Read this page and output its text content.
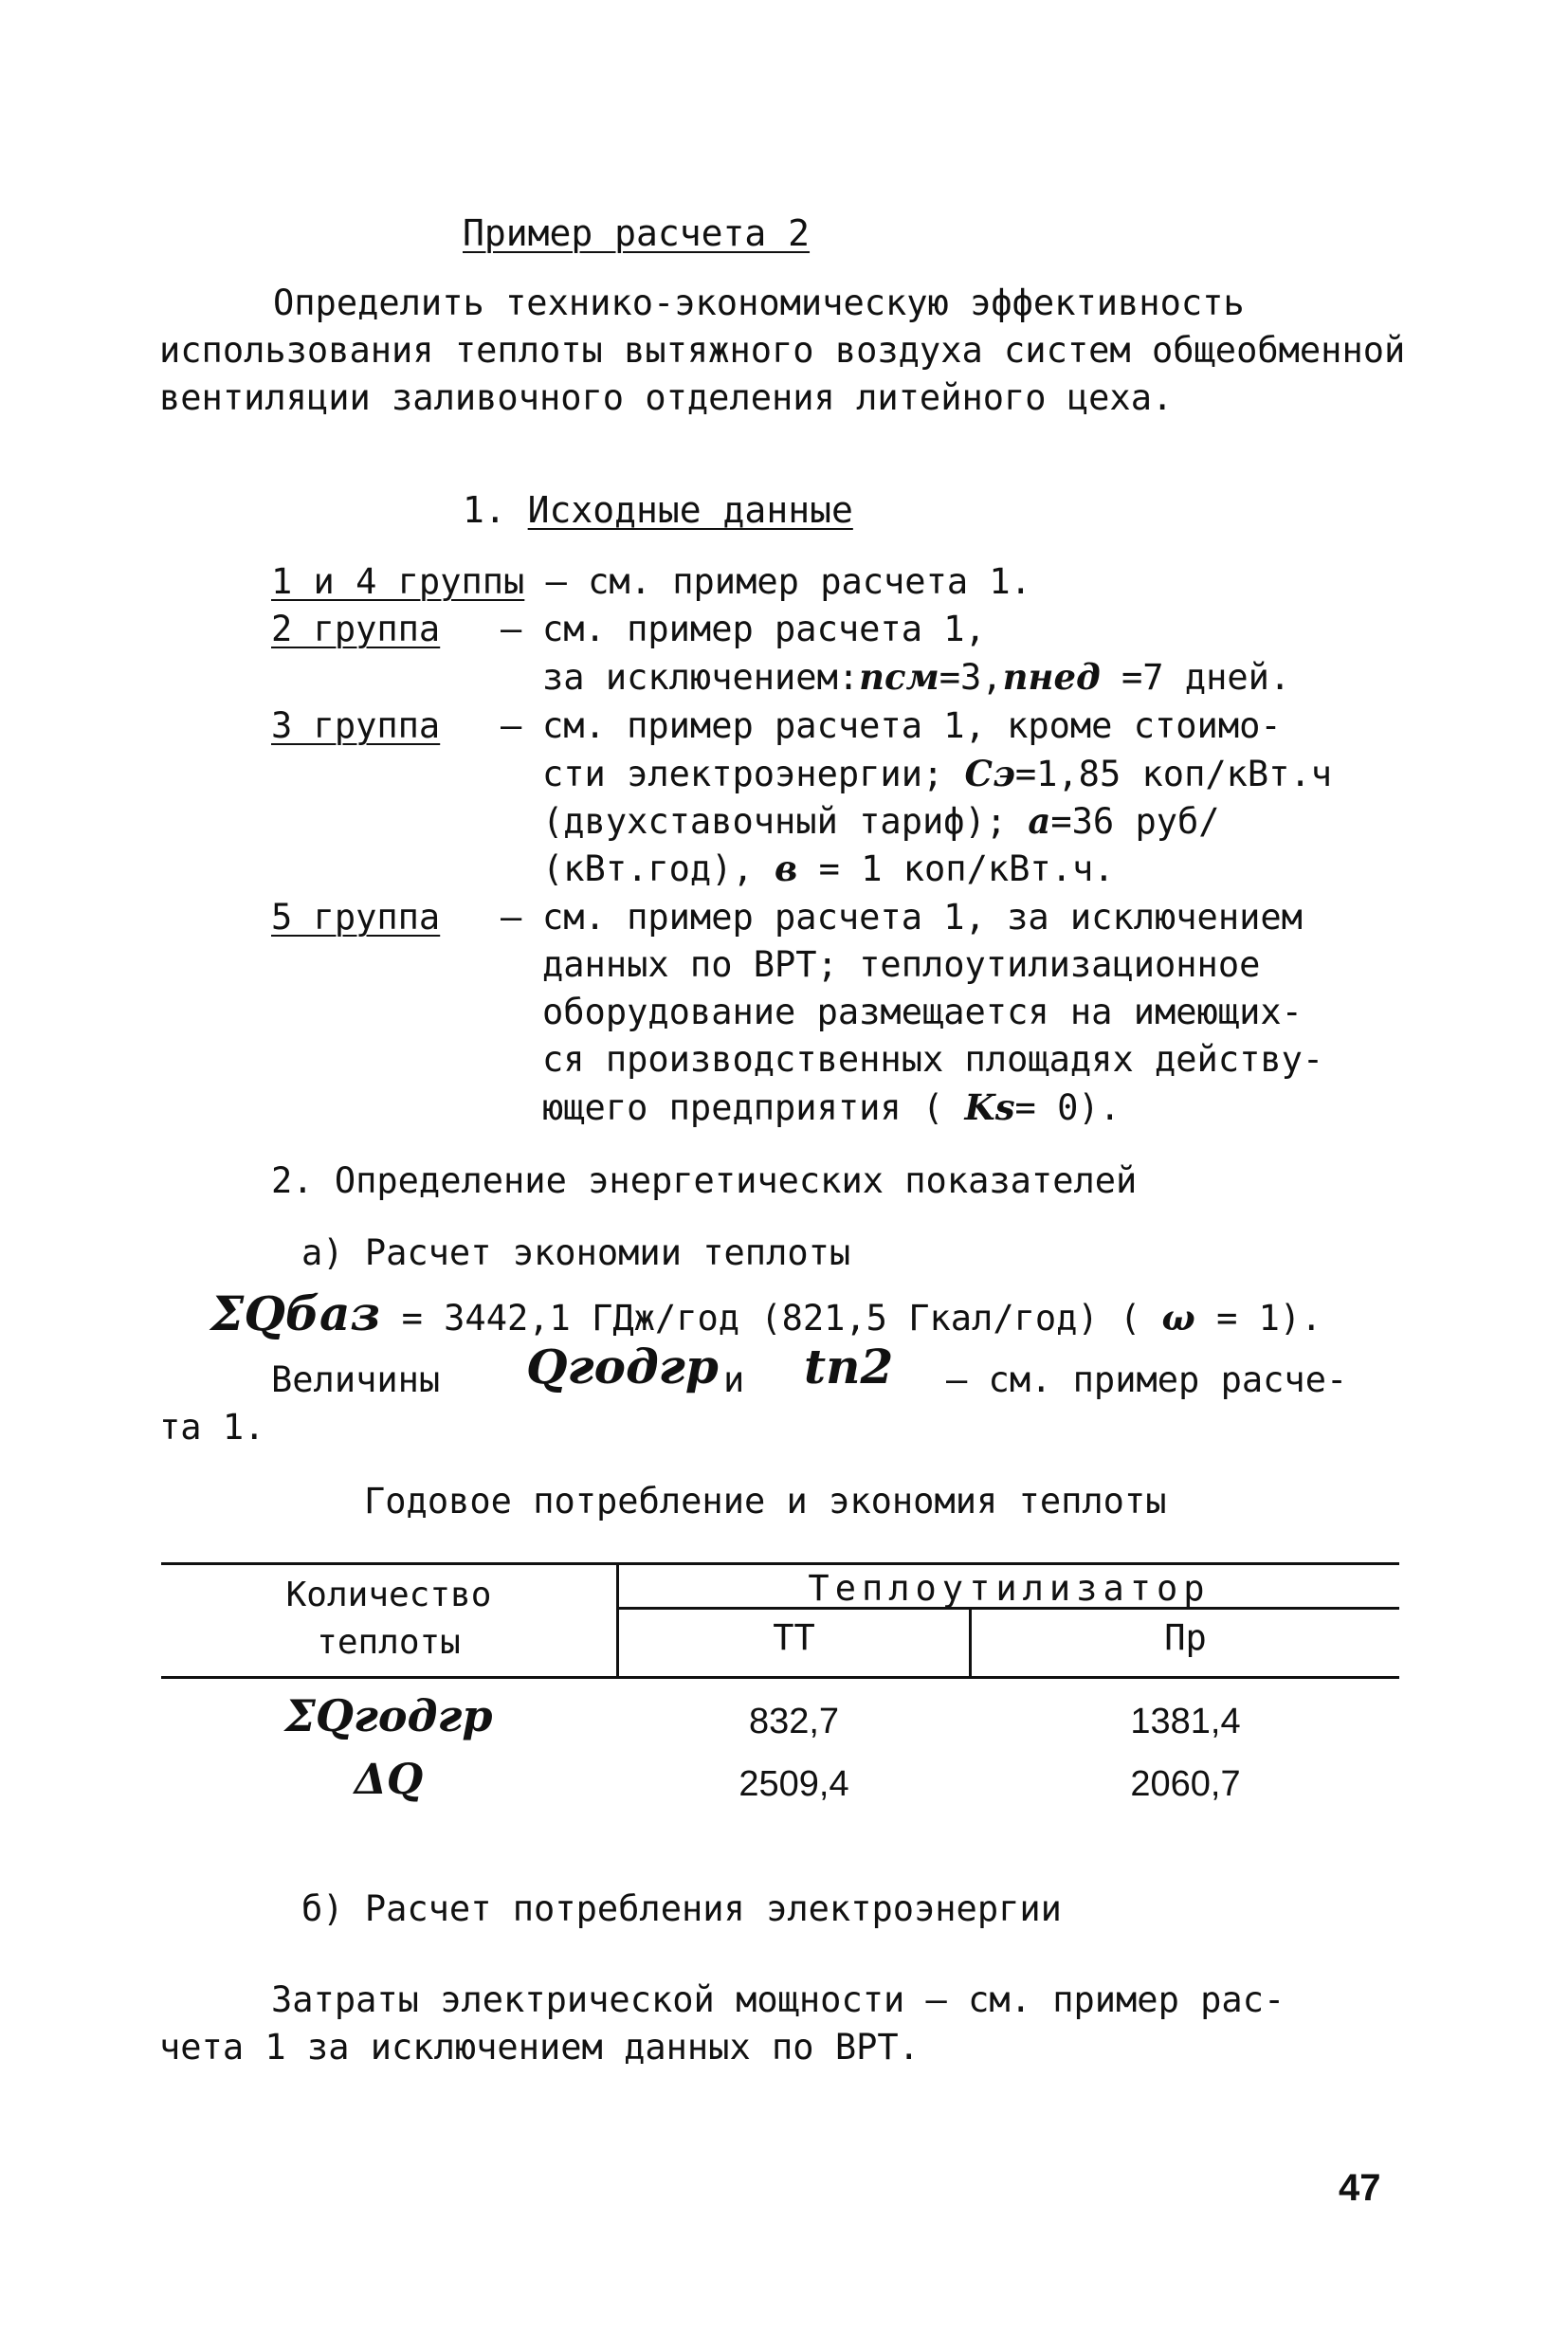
Пример расчета 2
Определить технико-экономическую эффективность использования теплоты вытяжного воздуха систем общеобменной вентиляции заливочного отделения литейного цеха.
1. Исходные данные
1 и 4 группы – см. пример расчета 1.
2 группа – см. пример расчета 1,
за исключением:nсм=3,nнед =7 дней.
3 группа – см. пример расчета 1, кроме стоимо-
сти электроэнергии; Cэ=1,85 коп/кВт.ч
(двухставочный тариф); a=36 руб/
(кВт.год), в = 1 коп/кВт.ч.
5 группа – см. пример расчета 1, за исключением
данных по ВРТ; теплоутилизационное
оборудование размещается на имеющих-
ся производственных площадях действу-
ющего предприятия ( Ks= 0).
2. Определение энергетических показателей
а) Расчет экономии теплоты
ΣQбаз = 3442,1 ГДж/год (821,5 Гкал/год) ( ω = 1).
Величины Qгодгр и tn2 – см. пример расче-
та 1.
Годовое потребление и экономия теплоты
Количество
теплоты
Теплоутилизатор
ТТ	Пр
ΣQгодгр	832,7	1381,4
ΔQ	2509,4	2060,7
б) Расчет потребления электроэнергии
Затраты электрической мощности – см. пример рас-
чета 1 за исключением данных по ВРТ.
47
